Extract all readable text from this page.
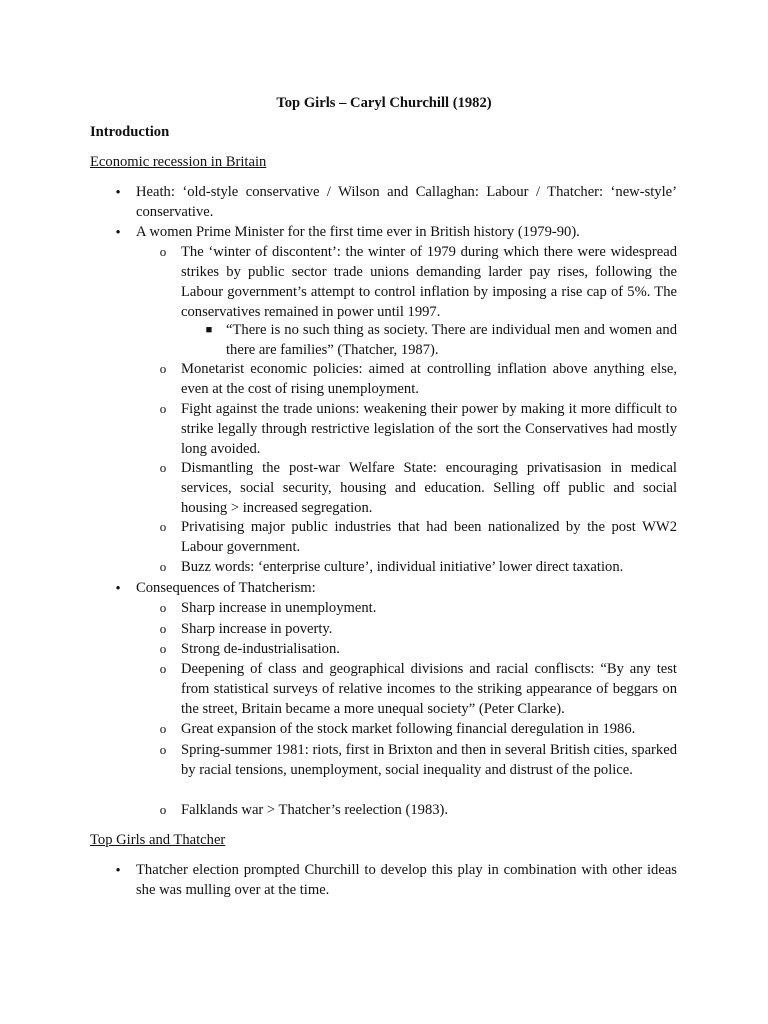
Top Girls – Caryl Churchill (1982)
Introduction
Economic recession in Britain
•	Heath: ‘old-style conservative / Wilson and Callaghan: Labour / Thatcher: ‘new-style’ conservative.
•	A women Prime Minister for the first time ever in British history (1979-90).
o The ‘winter of discontent’: the winter of 1979 during which there were widespread strikes by public sector trade unions demanding larder pay rises, following the Labour government’s attempt to control inflation by imposing a rise cap of 5%. The conservatives remained in power until 1997.
■ “There is no such thing as society. There are individual men and women and there are families” (Thatcher, 1987).
o Monetarist economic policies: aimed at controlling inflation above anything else, even at the cost of rising unemployment.
o Fight against the trade unions: weakening their power by making it more difficult to strike legally through restrictive legislation of the sort the Conservatives had mostly long avoided.
o Dismantling the post-war Welfare State: encouraging privatisasion in medical services, social security, housing and education. Selling off public and social housing > increased segregation.
o Privatising major public industries that had been nationalized by the post WW2 Labour government.
o Buzz words: ‘enterprise culture’, individual initiative’ lower direct taxation.
•	Consequences of Thatcherism:
o Sharp increase in unemployment.
o Sharp increase in poverty.
o Strong de-industrialisation.
o Deepening of class and geographical divisions and racial confliscts: “By any test from statistical surveys of relative incomes to the striking appearance of beggars on the street, Britain became a more unequal society” (Peter Clarke).
o Great expansion of the stock market following financial deregulation in 1986.
o Spring-summer 1981: riots, first in Brixton and then in several British cities, sparked by racial tensions, unemployment, social inequality and distrust of the police.
o Falklands war > Thatcher’s reelection (1983).
Top Girls and Thatcher
•	Thatcher election prompted Churchill to develop this play in combination with other ideas she was mulling over at the time.
